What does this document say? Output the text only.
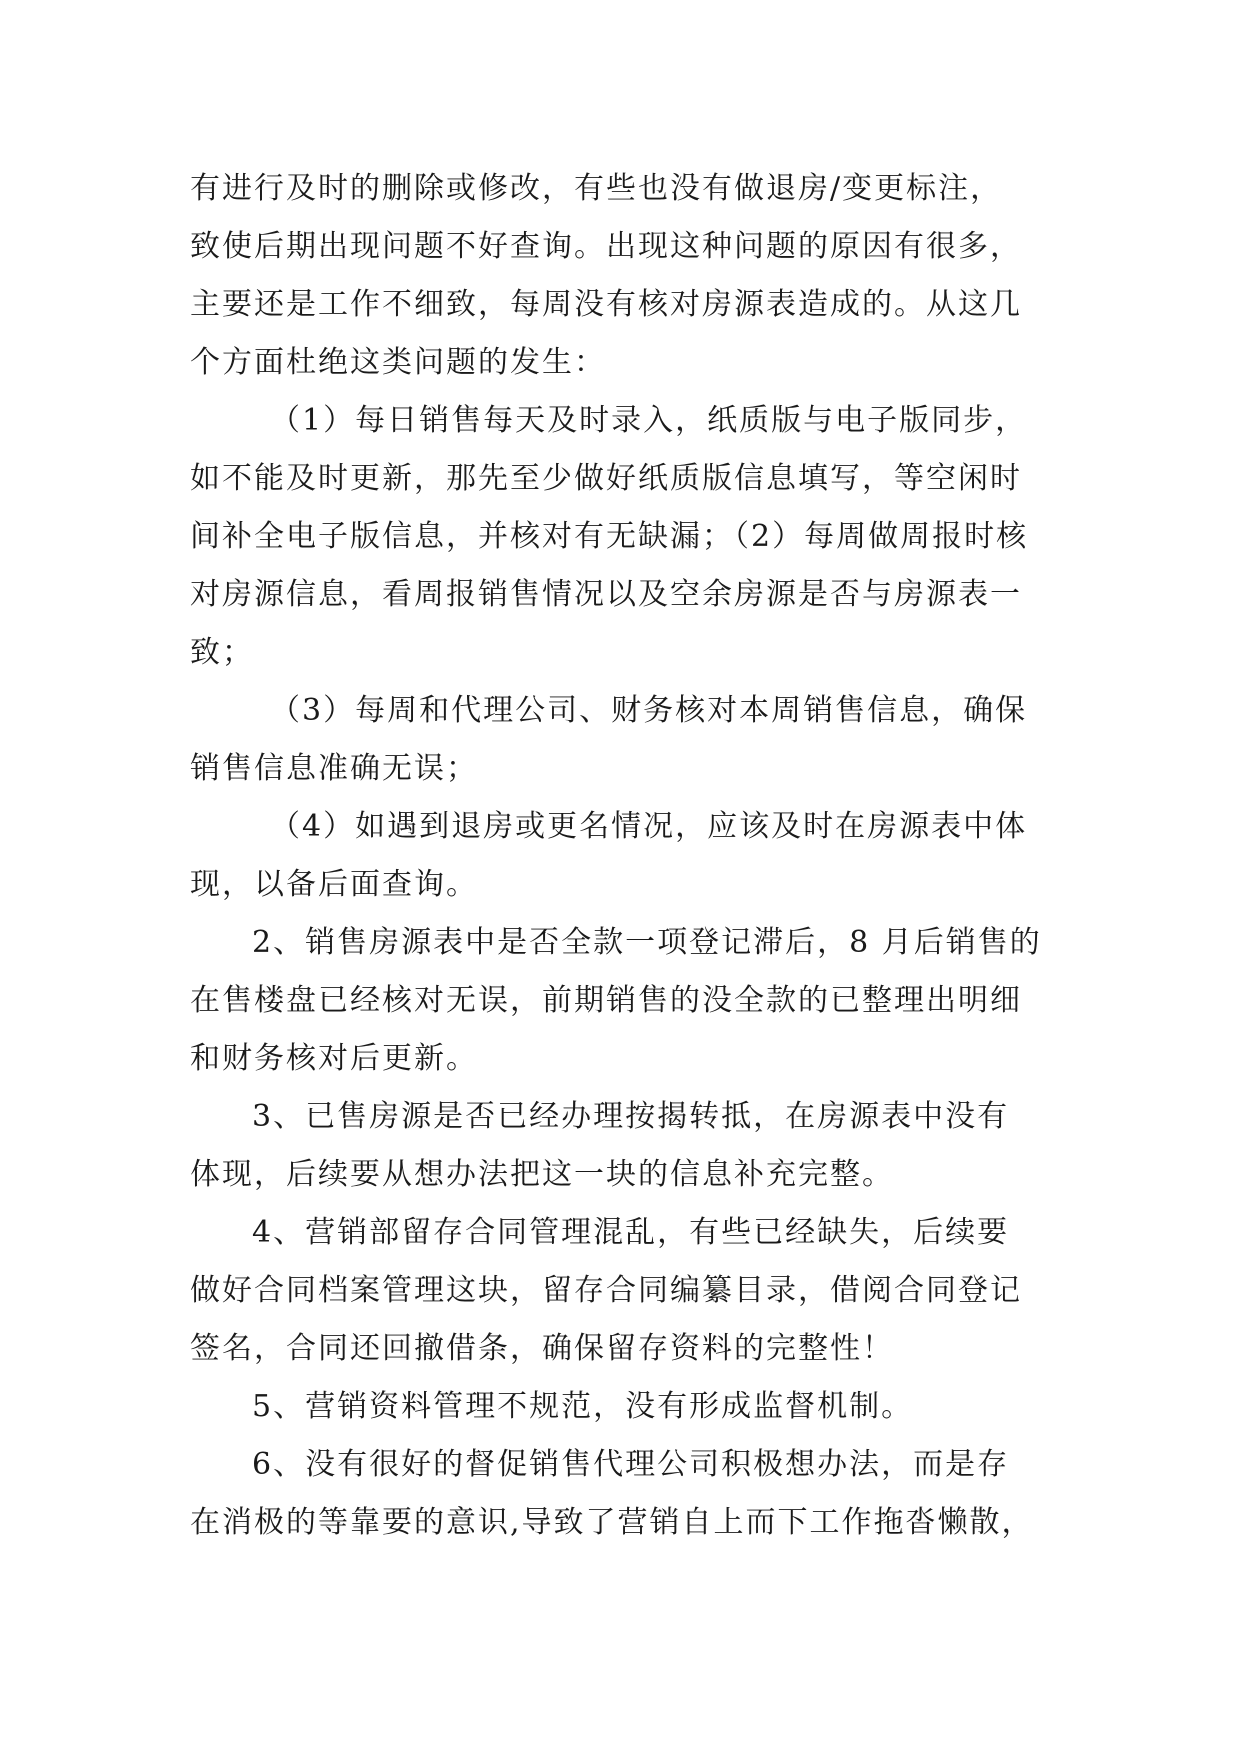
有进行及时的删除或修改，有些也没有做退房/变更标注，
致使后期出现问题不好查询。出现这种问题的原因有很多，
主要还是工作不细致，每周没有核对房源表造成的。从这几
个方面杜绝这类问题的发生：
（1）每日销售每天及时录入，纸质版与电子版同步，
如不能及时更新，那先至少做好纸质版信息填写，等空闲时
间补全电子版信息，并核对有无缺漏；（2）每周做周报时核
对房源信息，看周报销售情况以及空余房源是否与房源表一
致；
（3）每周和代理公司、财务核对本周销售信息，确保
销售信息准确无误；
（4）如遇到退房或更名情况，应该及时在房源表中体
现，以备后面查询。
2、销售房源表中是否全款一项登记滞后，8 月后销售的
在售楼盘已经核对无误，前期销售的没全款的已整理出明细
和财务核对后更新。
3、已售房源是否已经办理按揭转抵，在房源表中没有
体现，后续要从想办法把这一块的信息补充完整。
4、营销部留存合同管理混乱，有些已经缺失，后续要
做好合同档案管理这块，留存合同编纂目录，借阅合同登记
签名，合同还回撤借条，确保留存资料的完整性！
5、营销资料管理不规范，没有形成监督机制。
6、没有很好的督促销售代理公司积极想办法，而是存
在消极的等靠要的意识,导致了营销自上而下工作拖沓懒散，
